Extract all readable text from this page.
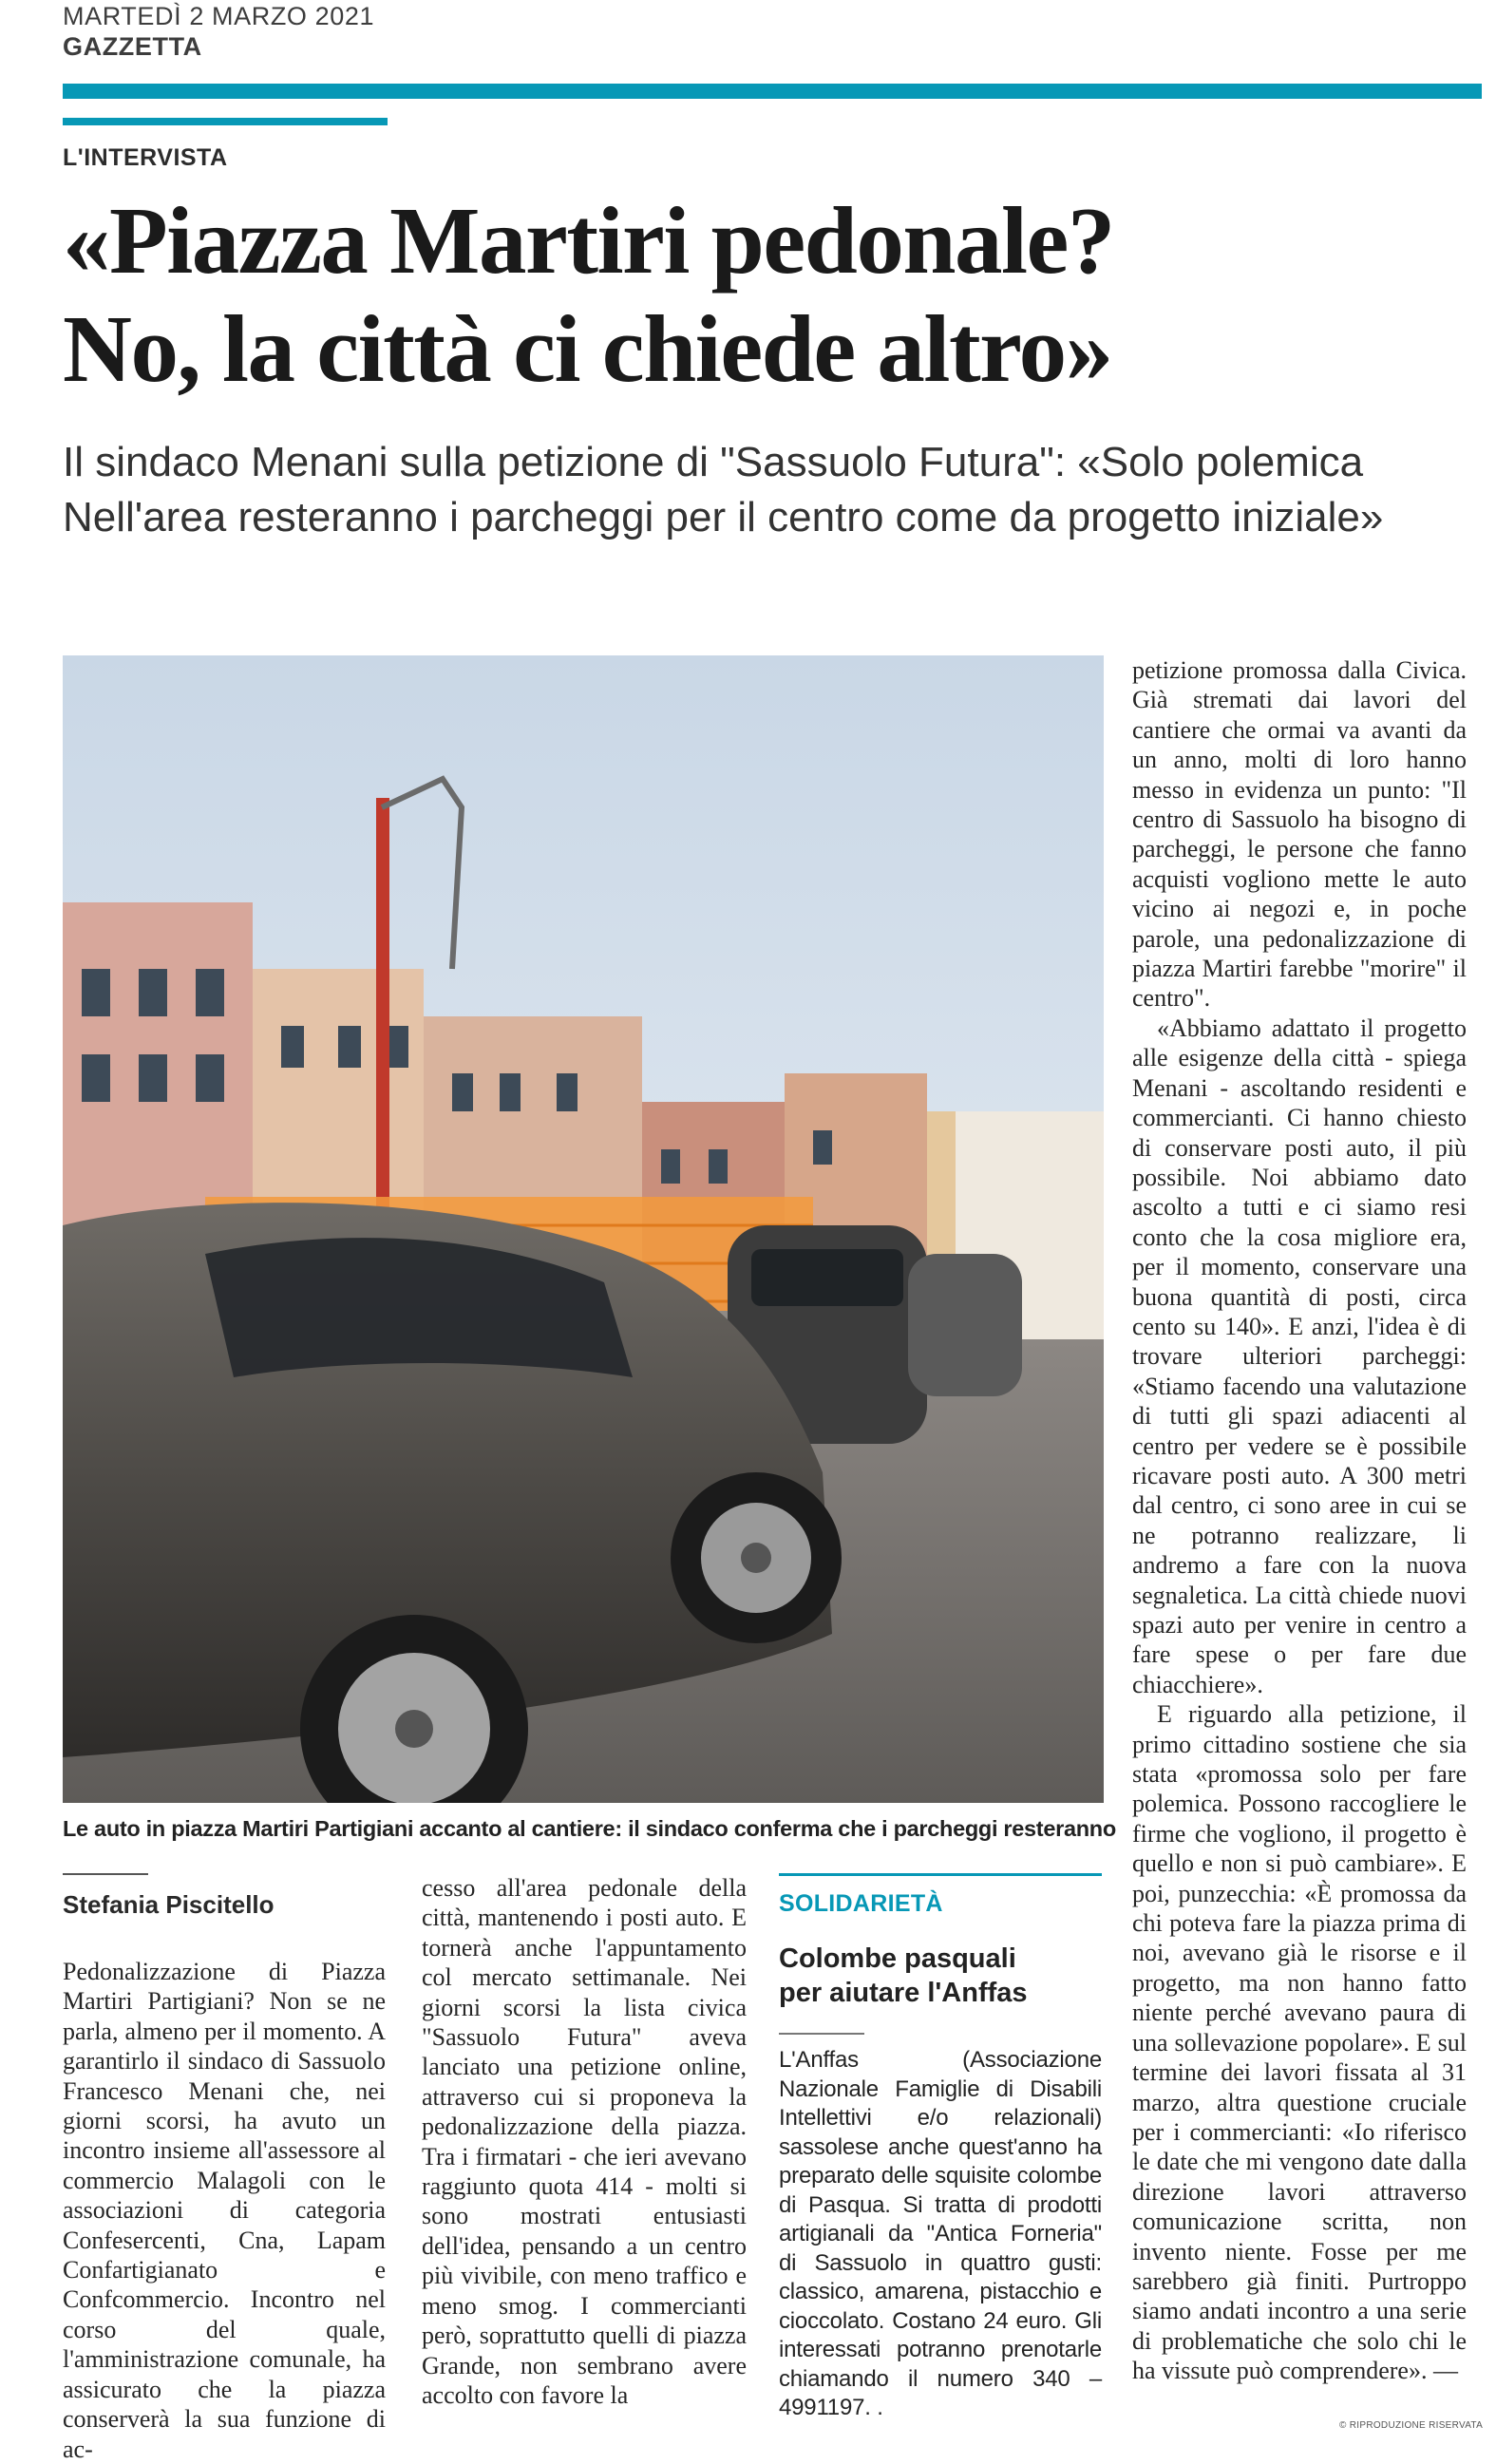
MARTEDÌ 2 MARZO 2021
GAZZETTA
L'INTERVISTA
«Piazza Martiri pedonale?
No, la città ci chiede altro»
Il sindaco Menani sulla petizione di "Sassuolo Futura": «Solo polemica
Nell'area resteranno i parcheggi per il centro come da progetto iniziale»
Le auto in piazza Martiri Partigiani accanto al cantiere: il sindaco conferma che i parcheggi resteranno
Stefania Piscitello

Pedonalizzazione di Piazza Martiri Partigiani? Non se ne parla, almeno per il momento. A garantirlo il sindaco di Sassuolo Francesco Menani che, nei giorni scorsi, ha avuto un incontro insieme all'assessore al commercio Malagoli con le associazioni di categoria Confesercenti, Cna, Lapam Confartigianato e Confcommercio. Incontro nel corso del quale, l'amministrazione comunale, ha assicurato che la piazza conserverà la sua funzione di ac-

cesso all'area pedonale della città, mantenendo i posti auto. E tornerà anche l'appuntamento col mercato settimanale. Nei giorni scorsi la lista civica "Sassuolo Futura" aveva lanciato una petizione online, attraverso cui si proponeva la pedonalizzazione della piazza. Tra i firmatari - che ieri avevano raggiunto quota 414 - molti si sono mostrati entusiasti dell'idea, pensando a un centro più vivibile, con meno traffico e meno smog. I commercianti però, soprattutto quelli di piazza Grande, non sembrano avere accolto con favore la

SOLIDARIETÀ
Colombe pasquali
per aiutare l'Anffas
L'Anffas (Associazione Nazionale Famiglie di Disabili Intellettivi e/o relazionali) sassolese anche quest'anno ha preparato delle squisite colombe di Pasqua. Si tratta di prodotti artigianali da "Antica Forneria" di Sassuolo in quattro gusti: classico, amarena, pistacchio e cioccolato. Costano 24 euro. Gli interessati potranno prenotarle chiamando il numero 340 – 4991197. .

petizione promossa dalla Civica. Già stremati dai lavori del cantiere che ormai va avanti da un anno, molti di loro hanno messo in evidenza un punto: "Il centro di Sassuolo ha bisogno di parcheggi, le persone che fanno acquisti vogliono mette le auto vicino ai negozi e, in poche parole, una pedonalizzazione di piazza Martiri farebbe "morire" il centro".

«Abbiamo adattato il progetto alle esigenze della città - spiega Menani - ascoltando residenti e commercianti. Ci hanno chiesto di conservare posti auto, il più possibile. Noi abbiamo dato ascolto a tutti e ci siamo resi conto che la cosa migliore era, per il momento, conservare una buona quantità di posti, circa cento su 140». E anzi, l'idea è di trovare ulteriori parcheggi: «Stiamo facendo una valutazione di tutti gli spazi adiacenti al centro per vedere se è possibile ricavare posti auto. A 300 metri dal centro, ci sono aree in cui se ne potranno realizzare, li andremo a fare con la nuova segnaletica. La città chiede nuovi spazi auto per venire in centro a fare spese o per fare due chiacchiere».

E riguardo alla petizione, il primo cittadino sostiene che sia stata «promossa solo per fare polemica. Possono raccogliere le firme che vogliono, il progetto è quello e non si può cambiare». E poi, punzecchia: «È promossa da chi poteva fare la piazza prima di noi, avevano già le risorse e il progetto, ma non hanno fatto niente perché avevano paura di una sollevazione popolare». E sul termine dei lavori fissata al 31 marzo, altra questione cruciale per i commercianti: «Io riferisco le date che mi vengono date dalla direzione lavori attraverso comunicazione scritta, non invento niente. Fosse per me sarebbero già finiti. Purtroppo siamo andati incontro a una serie di problematiche che solo chi le ha vissute può comprendere». —

© RIPRODUZIONE RISERVATA
